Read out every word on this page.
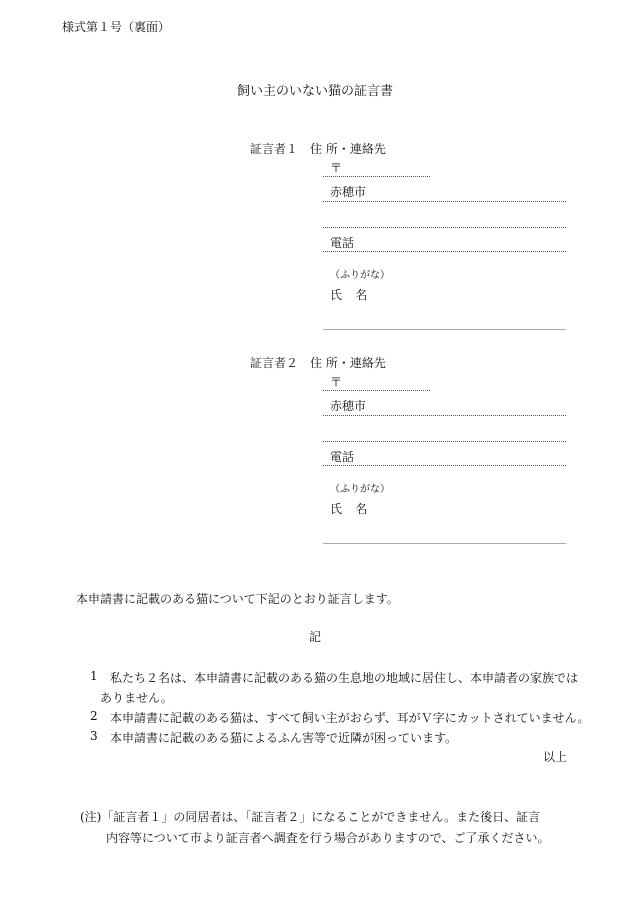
様式第１号（裏面）
飼い主のいない猫の証言書
証言者１ 住 所・連絡先
〒
赤穂市
電話
（ふりがな）
氏名
証言者２ 住 所・連絡先
〒
赤穂市
電話
（ふりがな）
氏名
本申請書に記載のある猫について下記のとおり証言します。
記
1 私たち２名は、本申請書に記載のある猫の生息地の地域に居住し、本申請者の家族では
ありません。
2 本申請書に記載のある猫は、すべて飼い主がおらず、耳がＶ字にカットされていません。
3 本申請書に記載のある猫によるふん害等で近隣が困っています。
以上
(注)「証言者１」の同居者は、「証言者２」になることができません。また後日、証言
内容等について市より証言者へ調査を行う場合がありますので、ご了承ください。
